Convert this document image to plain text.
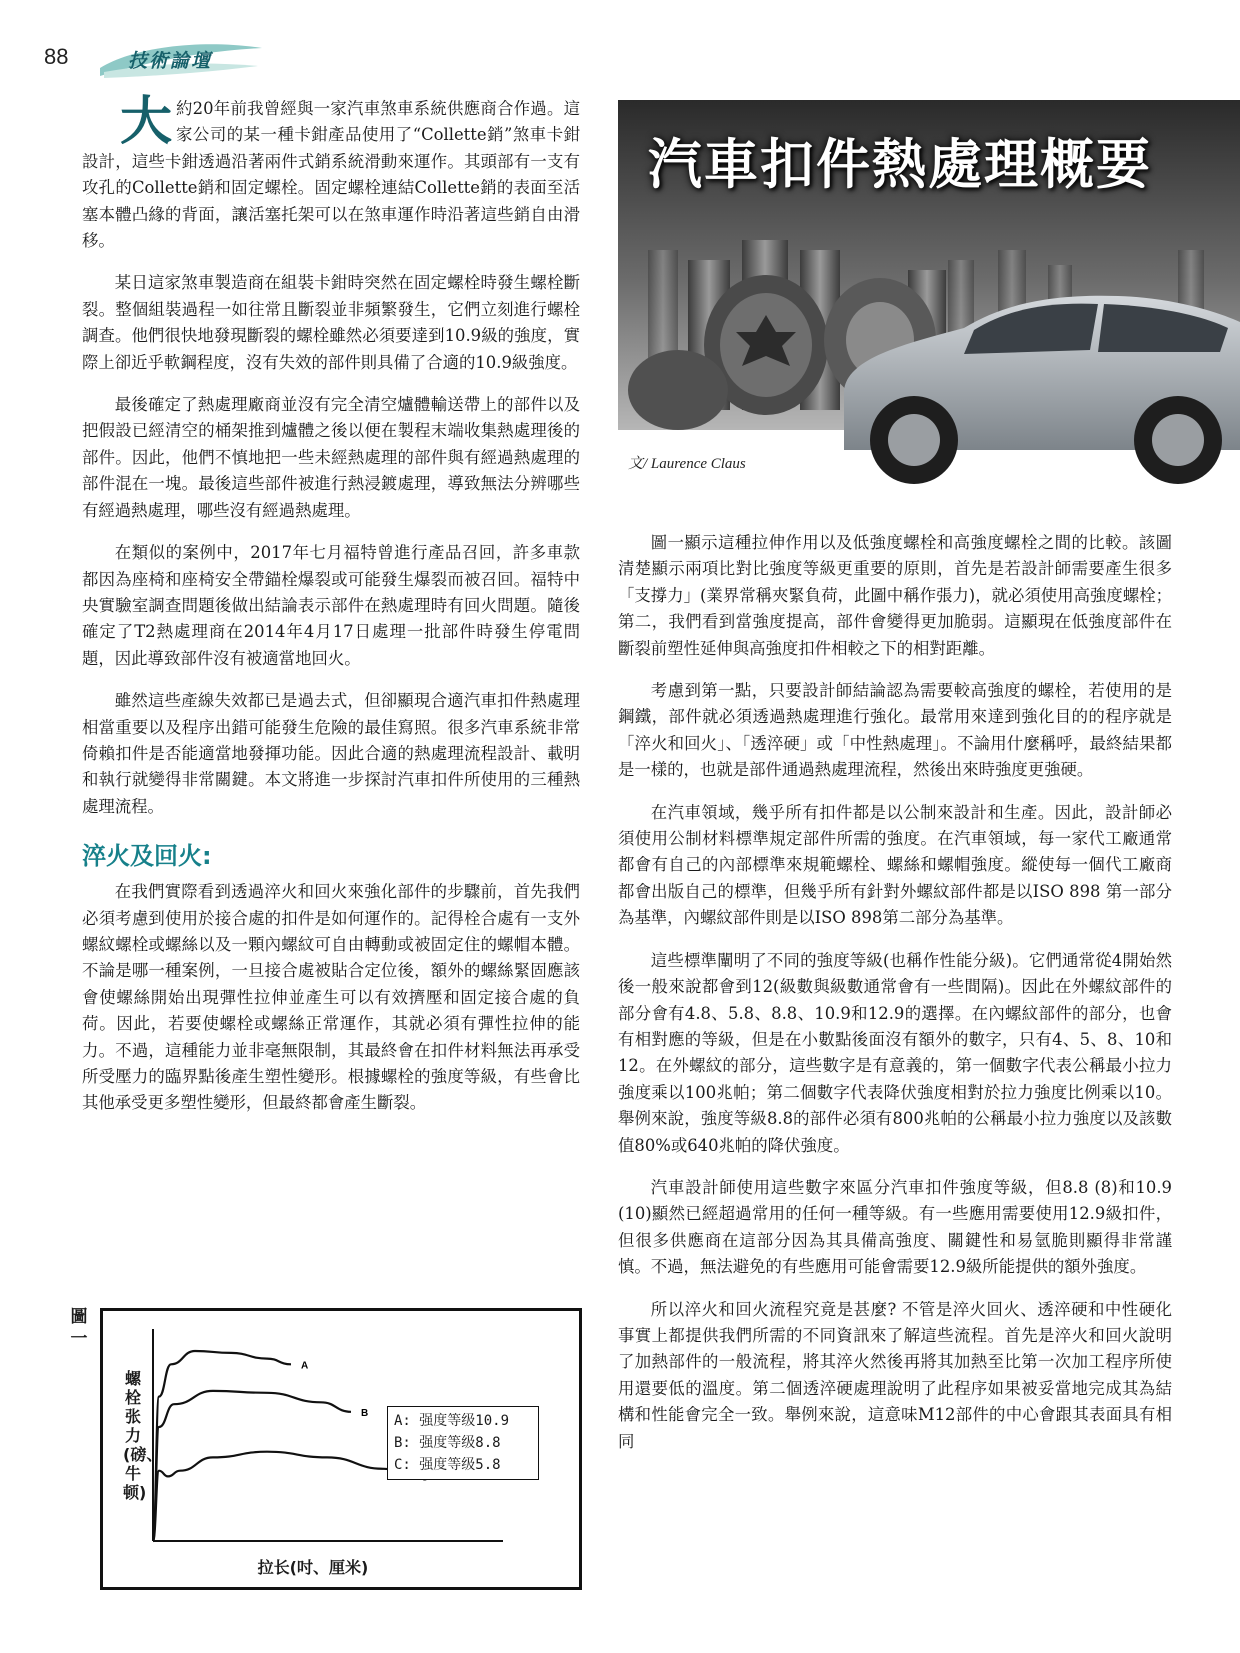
88	技術論壇

大約20年前我曾經與一家汽車煞車系統供應商合作過。這家公司的某一種卡鉗產品使用了“Collette銷”煞車卡鉗設計，這些卡鉗透過沿著兩件式銷系統滑動來運作。其頭部有一支有攻孔的Collette銷和固定螺栓。固定螺栓連結Collette銷的表面至活塞本體凸緣的背面，讓活塞托架可以在煞車運作時沿著這些銷自由滑移。

某日這家煞車製造商在組裝卡鉗時突然在固定螺栓時發生螺栓斷裂。整個組裝過程一如往常且斷裂並非頻繁發生，它們立刻進行螺栓調查。他們很快地發現斷裂的螺栓雖然必須要達到10.9級的強度，實際上卻近乎軟鋼程度，沒有失效的部件則具備了合適的10.9級強度。

最後確定了熱處理廠商並沒有完全清空爐體輸送帶上的部件以及把假設已經清空的桶架推到爐體之後以便在製程末端收集熱處理後的部件。因此，他們不慎地把一些未經熱處理的部件與有經過熱處理的部件混在一塊。最後這些部件被進行熱浸鍍處理，導致無法分辨哪些有經過熱處理，哪些沒有經過熱處理。

在類似的案例中，2017年七月福特曾進行產品召回，許多車款都因為座椅和座椅安全帶錨栓爆裂或可能發生爆裂而被召回。福特中央實驗室調查問題後做出結論表示部件在熱處理時有回火問題。隨後確定了T2熱處理商在2014年4月17日處理一批部件時發生停電問題，因此導致部件沒有被適當地回火。

雖然這些產線失效都已是過去式，但卻顯現合適汽車扣件熱處理相當重要以及程序出錯可能發生危險的最佳寫照。很多汽車系統非常倚賴扣件是否能適當地發揮功能。因此合適的熱處理流程設計、載明和執行就變得非常關鍵。本文將進一步探討汽車扣件所使用的三種熱處理流程。

淬火及回火:

在我們實際看到透過淬火和回火來強化部件的步驟前，首先我們必須考慮到使用於接合處的扣件是如何運作的。記得栓合處有一支外螺紋螺栓或螺絲以及一顆內螺紋可自由轉動或被固定住的螺帽本體。不論是哪一種案例，一旦接合處被貼合定位後，額外的螺絲緊固應該會使螺絲開始出現彈性拉伸並產生可以有效擠壓和固定接合處的負荷。因此，若要使螺栓或螺絲正常運作，其就必須有彈性拉伸的能力。不過，這種能力並非毫無限制，其最終會在扣件材料無法再承受所受壓力的臨界點後產生塑性變形。根據螺栓的強度等級，有些會比其他承受更多塑性變形，但最終都會產生斷裂。

汽車扣件熱處理概要
文/ Laurence Claus

圖一顯示這種拉伸作用以及低強度螺栓和高強度螺栓之間的比較。該圖清楚顯示兩項比對比強度等級更重要的原則，首先是若設計師需要產生很多「支撐力」(業界常稱夾緊負荷，此圖中稱作張力)，就必須使用高強度螺栓；第二，我們看到當強度提高，部件會變得更加脆弱。這顯現在低強度部件在斷裂前塑性延伸與高強度扣件相較之下的相對距離。

考慮到第一點，只要設計師結論認為需要較高強度的螺栓，若使用的是鋼鐵，部件就必須透過熱處理進行強化。最常用來達到強化目的的程序就是「淬火和回火」、「透淬硬」或「中性熱處理」。不論用什麼稱呼，最終結果都是一樣的，也就是部件通過熱處理流程，然後出來時強度更強硬。

在汽車領域，幾乎所有扣件都是以公制來設計和生產。因此，設計師必須使用公制材料標準規定部件所需的強度。在汽車領域，每一家代工廠通常都會有自己的內部標準來規範螺栓、螺絲和螺帽強度。縱使每一個代工廠商都會出版自己的標準，但幾乎所有針對外螺紋部件都是以ISO 898 第一部分為基準，內螺紋部件則是以ISO 898第二部分為基準。

這些標準闡明了不同的強度等級(也稱作性能分級)。它們通常從4開始然後一般來說都會到12(級數與級數通常會有一些間隔)。因此在外螺紋部件的部分會有4.8、5.8、8.8、10.9和12.9的選擇。在內螺紋部件的部分，也會有相對應的等級，但是在小數點後面沒有額外的數字，只有4、5、8、10和12。在外螺紋的部分，這些數字是有意義的，第一個數字代表公稱最小拉力強度乘以100兆帕；第二個數字代表降伏強度相對於拉力強度比例乘以10。舉例來說，強度等級8.8的部件必須有800兆帕的公稱最小拉力強度以及該數值80%或640兆帕的降伏強度。

汽車設計師使用這些數字來區分汽車扣件強度等級，但8.8 (8)和10.9 (10)顯然已經超過常用的任何一種等級。有一些應用需要使用12.9級扣件，但很多供應商在這部分因為其具備高強度、關鍵性和易氫脆則顯得非常謹慎。不過，無法避免的有些應用可能會需要12.9級所能提供的額外強度。

所以淬火和回火流程究竟是甚麼? 不管是淬火回火、透淬硬和中性硬化事實上都提供我們所需的不同資訊來了解這些流程。首先是淬火和回火說明了加熱部件的一般流程，將其淬火然後再將其加熱至比第一次加工程序所使用還要低的溫度。第二個透淬硬處理說明了此程序如果被妥當地完成其為結構和性能會完全一致。舉例來說，這意味M12部件的中心會跟其表面具有相同

圖一
A
B
螺栓张力(磅、牛顿)
拉长(吋、厘米)
A: 强度等级10.9
B: 强度等级8.8
C: 强度等级5.8
